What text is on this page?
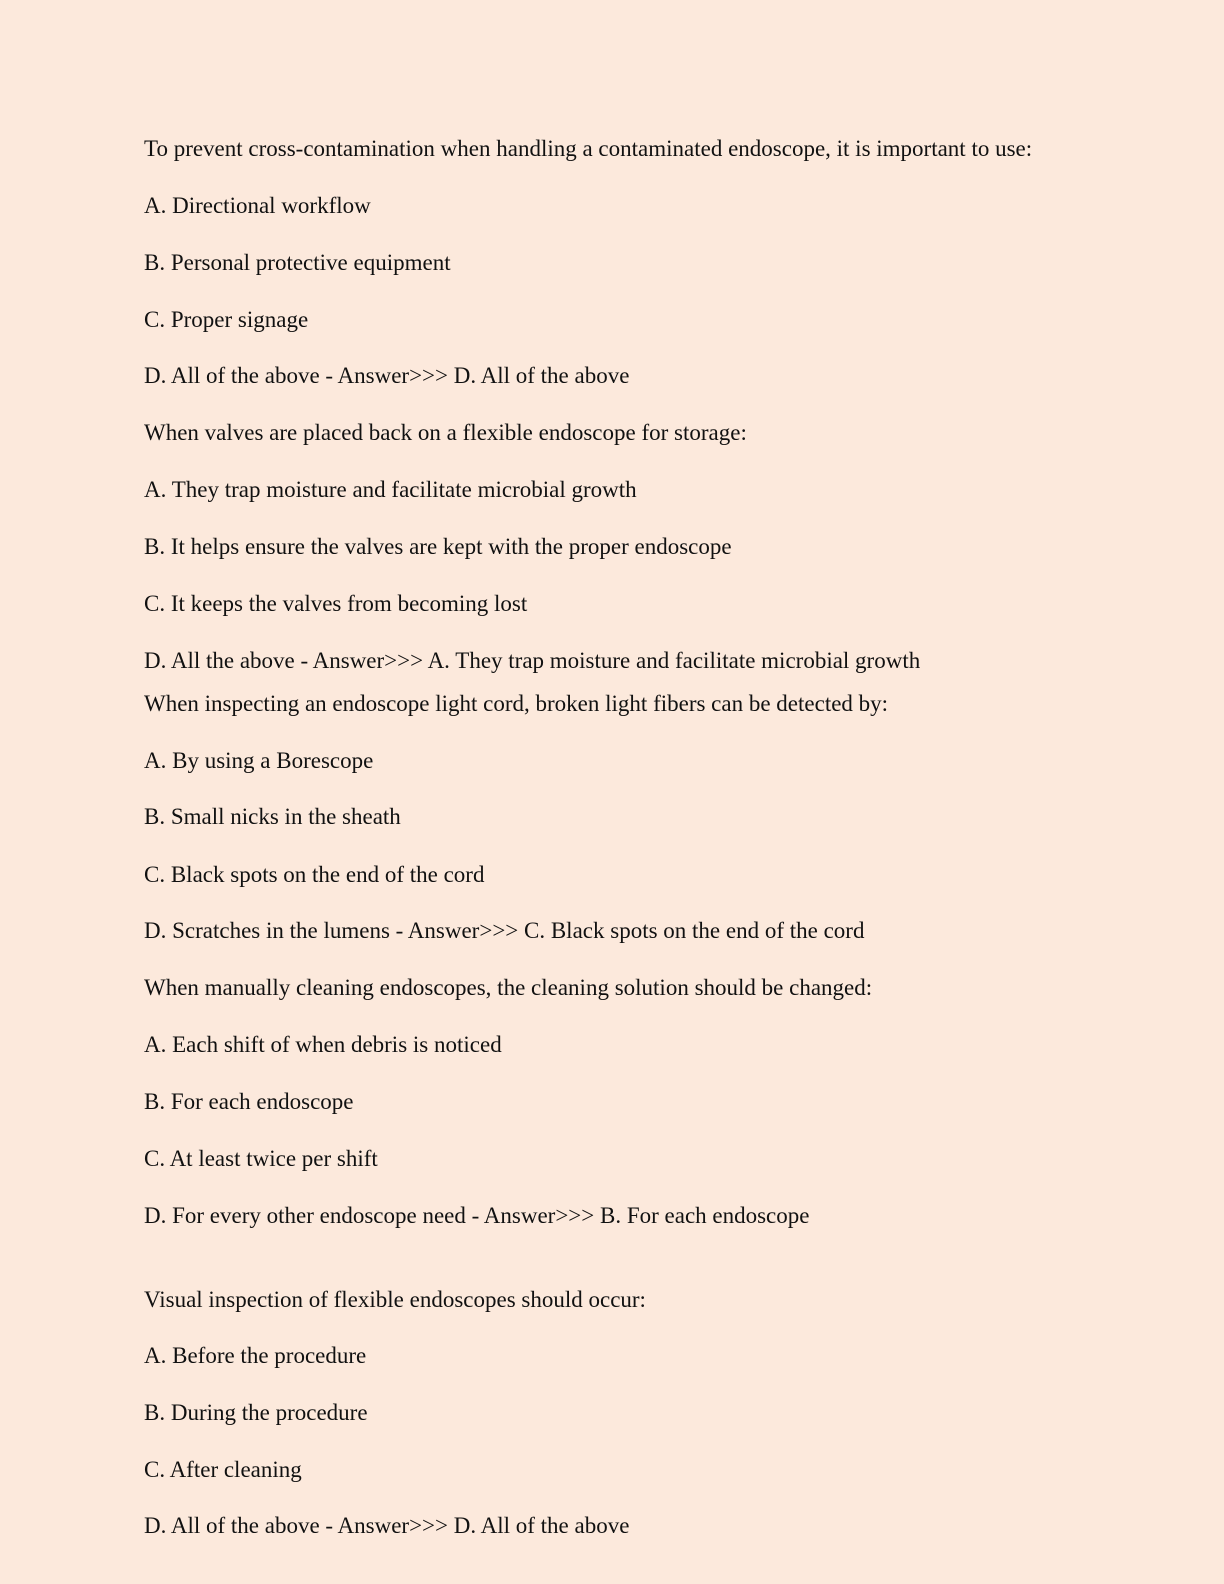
To prevent cross-contamination when handling a contaminated endoscope, it is important to use:
A. Directional workflow
B. Personal protective equipment
C. Proper signage
D. All of the above - Answer>>> D. All of the above
When valves are placed back on a flexible endoscope for storage:
A. They trap moisture and facilitate microbial growth
B. It helps ensure the valves are kept with the proper endoscope
C. It keeps the valves from becoming lost
D. All the above - Answer>>> A. They trap moisture and facilitate microbial growth
When inspecting an endoscope light cord, broken light fibers can be detected by:
A. By using a Borescope
B. Small nicks in the sheath
C. Black spots on the end of the cord
D. Scratches in the lumens - Answer>>> C. Black spots on the end of the cord
When manually cleaning endoscopes, the cleaning solution should be changed:
A. Each shift of when debris is noticed
B. For each endoscope
C. At least twice per shift
D. For every other endoscope need - Answer>>> B. For each endoscope
Visual inspection of flexible endoscopes should occur:
A. Before the procedure
B. During the procedure
C. After cleaning
D. All of the above - Answer>>> D. All of the above
